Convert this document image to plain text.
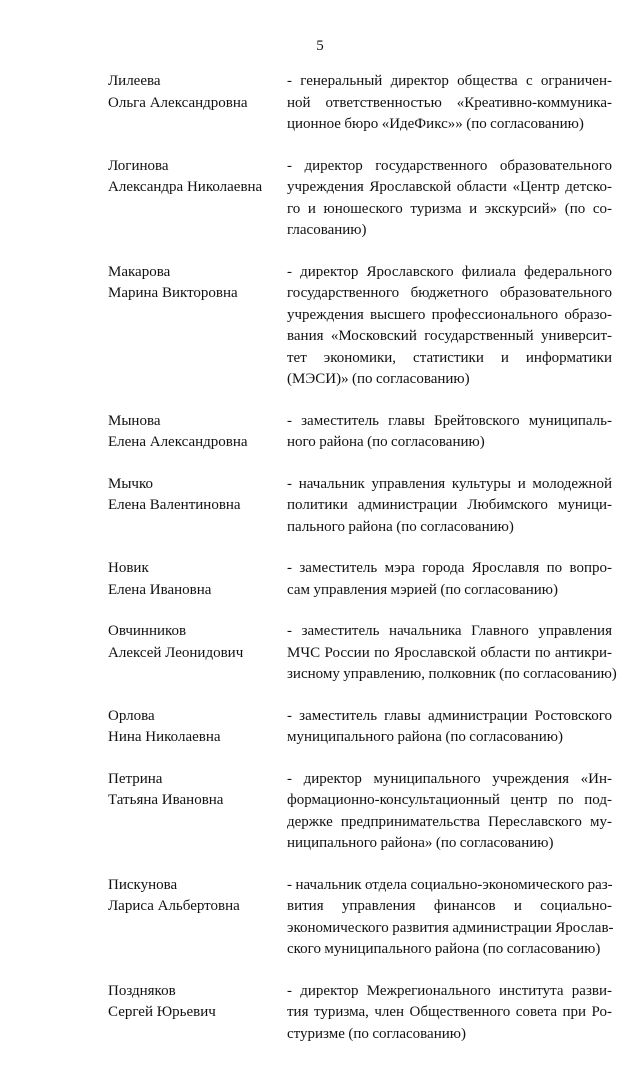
5
Лилеева
Ольга Александровна
- генеральный директор общества с ограничен-
ной ответственностью «Креативно-коммуника-
ционное бюро «ИдеФикс»» (по согласованию)
Логинова
Александра Николаевна
- директор государственного образовательного
учреждения Ярославской области «Центр детско-
го и юношеского туризма и экскурсий» (по со-
гласованию)
Макарова
Марина Викторовна
- директор Ярославского филиала федерального
государственного бюджетного образовательного
учреждения высшего профессионального образо-
вания «Московский государственный университ-
тет экономики, статистики и информатики
(МЭСИ)» (по согласованию)
Мынова
Елена Александровна
- заместитель главы Брейтовского муниципаль-
ного района (по согласованию)
Мычко
Елена Валентиновна
- начальник управления культуры и молодежной
политики администрации Любимского муници-
пального района (по согласованию)
Новик
Елена Ивановна
- заместитель мэра города Ярославля по вопро-
сам управления мэрией (по согласованию)
Овчинников
Алексей Леонидович
- заместитель начальника Главного управления
МЧС России по Ярославской области по антикри-
зисному управлению, полковник (по согласованию)
Орлова
Нина Николаевна
- заместитель главы администрации Ростовского
муниципального района (по согласованию)
Петрина
Татьяна Ивановна
- директор муниципального учреждения «Ин-
формационно-консультационный центр по под-
держке предпринимательства Переславского му-
ниципального района» (по согласованию)
Пискунова
Лариса Альбертовна
- начальник отдела социально-экономического раз-
вития управления финансов и социально-
экономического развития администрации Ярослав-
ского муниципального района (по согласованию)
Поздняков
Сергей Юрьевич
- директор Межрегионального института разви-
тия туризма, член Общественного совета при Ро-
стуризме (по согласованию)
